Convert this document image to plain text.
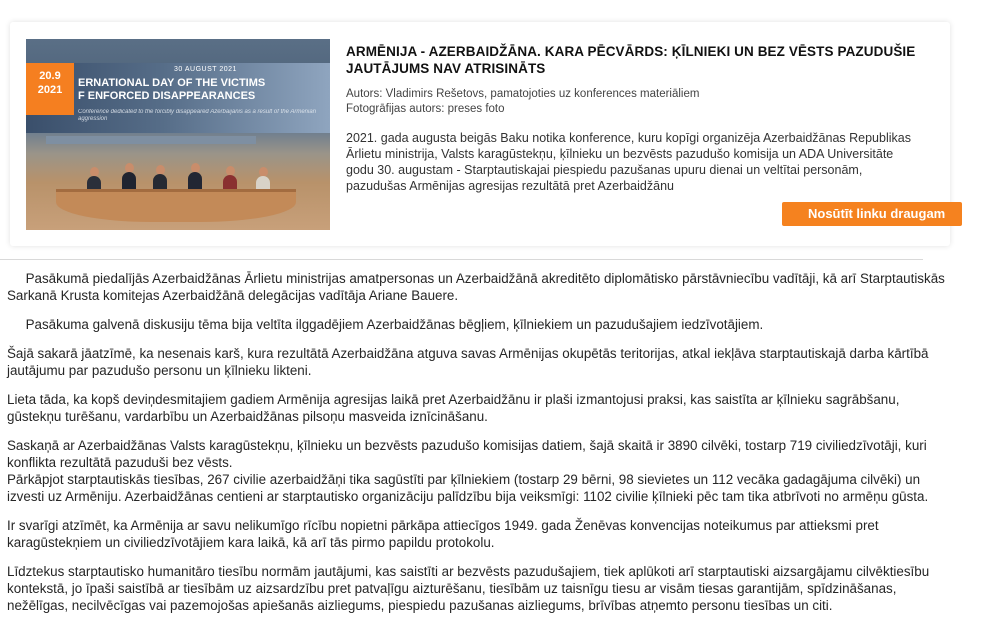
30 AUGUST 2021
20.9
2021
ERNATIONAL DAY OF THE VICTIMS
F ENFORCED DISAPPEARANCES
Conference dedicated to the forcibly disappeared Azerbaijanis as a result of the Armenian aggression
ARMĒNIJA - AZERBAIDŽĀNA. KARA PĒCVĀRDS: ĶĪLNIEKI UN BEZ VĒSTS PAZUDUŠIE
JAUTĀJUMS NAV ATRISINĀTS
Autors: Vladimirs Rešetovs, pamatojoties uz konferences materiāliem
Fotogrāfijas autors: preses foto
2021. gada augusta beigās Baku notika konference, kuru kopīgi organizēja Azerbaidžānas Republikas
Ārlietu ministrija, Valsts karagūstekņu, ķīlnieku un bezvēsts pazudušo komisija un ADA Universitāte
godu 30. augustam - Starptautiskajai piespiedu pazušanas upuru dienai un veltītai personām,
pazudušas Armēnijas agresijas rezultātā pret Azerbaidžānu
Nosūtīt linku draugam

Pasākumā piedalījās Azerbaidžānas Ārlietu ministrijas amatpersonas un Azerbaidžānā akreditēto diplomātisko pārstāvniecību vadītāji, kā arī Starptautiskās

Sarkanā Krusta komitejas Azerbaidžānā delegācijas vadītāja Ariane Bauere.

Pasākuma galvenā diskusiju tēma bija veltīta ilggadējiem Azerbaidžānas bēgļiem, ķīlniekiem un pazudušajiem iedzīvotājiem.

Šajā sakarā jāatzīmē, ka nesenais karš, kura rezultātā Azerbaidžāna atguva savas Armēnijas okupētās teritorijas, atkal iekļāva starptautiskajā darba kārtībā

jautājumu par pazudušo personu un ķīlnieku likteni.

Lieta tāda, ka kopš deviņdesmitajiem gadiem Armēnija agresijas laikā pret Azerbaidžānu ir plaši izmantojusi praksi, kas saistīta ar ķīlnieku sagrābšanu,

gūstekņu turēšanu, vardarbību un Azerbaidžānas pilsoņu masveida iznīcināšanu.

Saskaņā ar Azerbaidžānas Valsts karagūstekņu, ķīlnieku un bezvēsts pazudušo komisijas datiem, šajā skaitā ir 3890 cilvēki, tostarp 719 civiliedzīvotāji, kuri

konflikta rezultātā pazuduši bez vēsts.

Pārkāpjot starptautiskās tiesības, 267 civilie azerbaidžāņi tika sagūstīti par ķīlniekiem (tostarp 29 bērni, 98 sievietes un 112 vecāka gadagājuma cilvēki) un

izvesti uz Armēniju. Azerbaidžānas centieni ar starptautisko organizāciju palīdzību bija veiksmīgi: 1102 civilie ķīlnieki pēc tam tika atbrīvoti no armēņu gūsta.

Ir svarīgi atzīmēt, ka Armēnija ar savu nelikumīgo rīcību nopietni pārkāpa attiecīgos 1949. gada Ženēvas konvencijas noteikumus par attieksmi pret

karagūstekņiem un civiliedzīvotājiem kara laikā, kā arī tās pirmo papildu protokolu.

Līdztekus starptautisko humanitāro tiesību normām jautājumi, kas saistīti ar bezvēsts pazudušajiem, tiek aplūkoti arī starptautiski aizsargājamu cilvēktiesību

kontekstā, jo īpaši saistībā ar tiesībām uz aizsardzību pret patvaļīgu aizturēšanu, tiesībām uz taisnīgu tiesu ar visām tiesas garantijām, spīdzināšanas,

nežēlīgas, necilvēcīgas vai pazemojošas apiešanās aizliegums, piespiedu pazušanas aizliegums, brīvības atņemto personu tiesības un citi.
